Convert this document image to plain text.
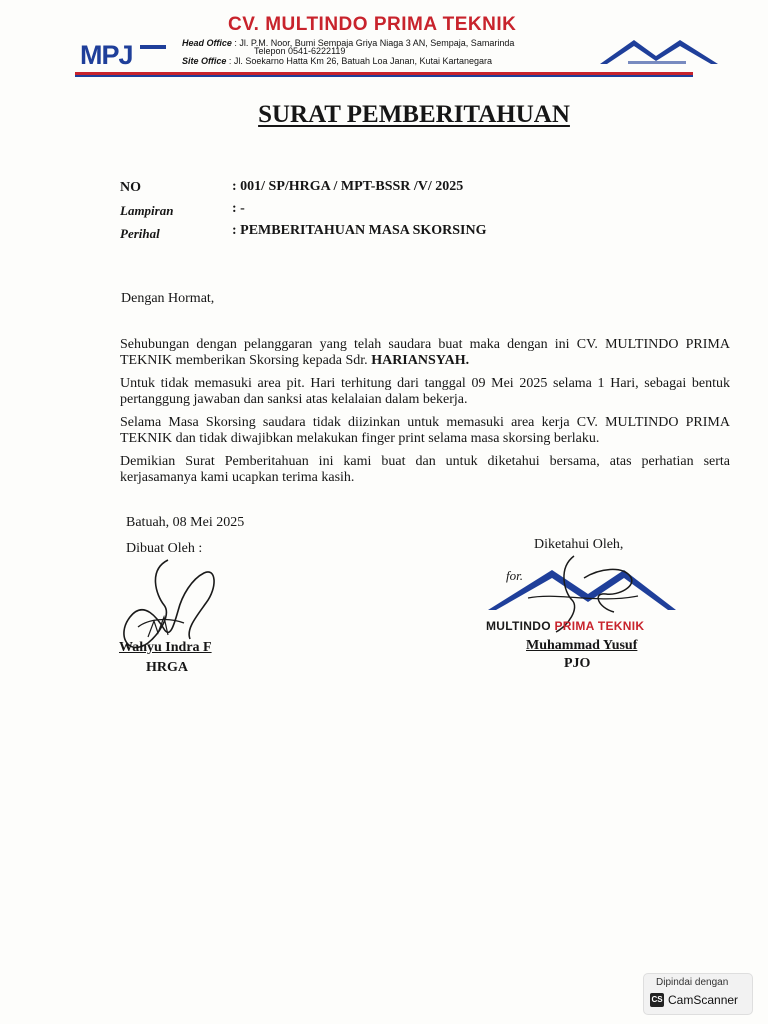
CV. MULTINDO PRIMA TEKNIK
MPJ	Head Office : Jl. P.M. Noor, Bumi Sempaja Griya Niaga 3 AN, Sempaja, Samarinda
Telepon 0541-6222119
Site Office : Jl. Soekarno Hatta Km 26, Batuah Loa Janan, Kutai Kartanegara
SURAT PEMBERITAHUAN
NO	: 001/ SP/HRGA / MPT-BSSR /V/ 2025
Lampiran	: -
Perihal	: PEMBERITAHUAN MASA SKORSING
Dengan Hormat,
Sehubungan dengan pelanggaran yang telah saudara buat maka dengan ini CV. MULTINDO PRIMA TEKNIK memberikan Skorsing kepada Sdr. HARIANSYAH.
Untuk tidak memasuki area pit. Hari terhitung dari tanggal 09 Mei 2025 selama 1 Hari, sebagai bentuk pertanggung jawaban dan sanksi atas kelalaian dalam bekerja.
Selama Masa Skorsing saudara tidak diizinkan untuk memasuki area kerja CV. MULTINDO PRIMA TEKNIK dan tidak diwajibkan melakukan finger print selama masa skorsing berlaku.
Demikian Surat Pemberitahuan ini kami buat dan untuk diketahui bersama, atas perhatian serta kerjasamanya kami ucapkan terima kasih.
Batuah, 08 Mei 2025
Dibuat Oleh :
Wahyu Indra F
HRGA
Diketahui Oleh,
for.
MULTINDO PRIMA TEKNIK
Muhammad Yusuf
PJO
Dipindai dengan
CS CamScanner
